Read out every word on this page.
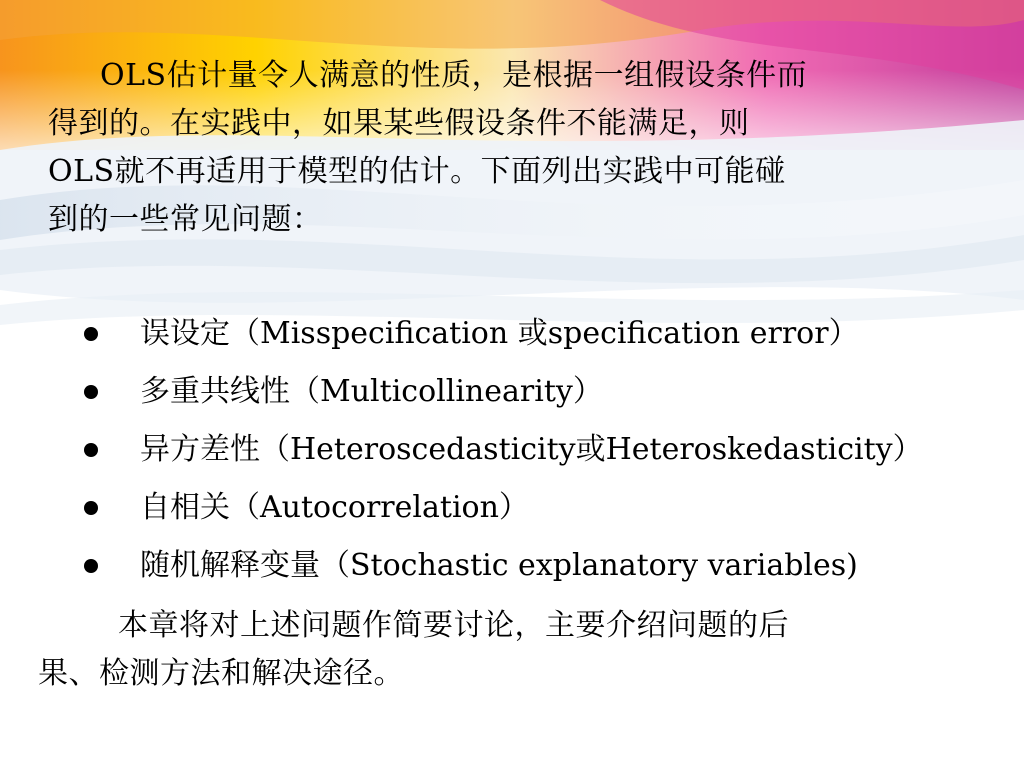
OLS估计量令人满意的性质，是根据一组假设条件而
得到的。在实践中，如果某些假设条件不能满足，则
OLS就不再适用于模型的估计。下面列出实践中可能碰
到的一些常见问题：
误设定（Misspecification 或specification error）
多重共线性（Multicollinearity）
异方差性（Heteroscedasticity或Heteroskedasticity）
自相关（Autocorrelation）
随机解释变量（Stochastic explanatory variables)
本章将对上述问题作简要讨论，主要介绍问题的后
果、检测方法和解决途径。
